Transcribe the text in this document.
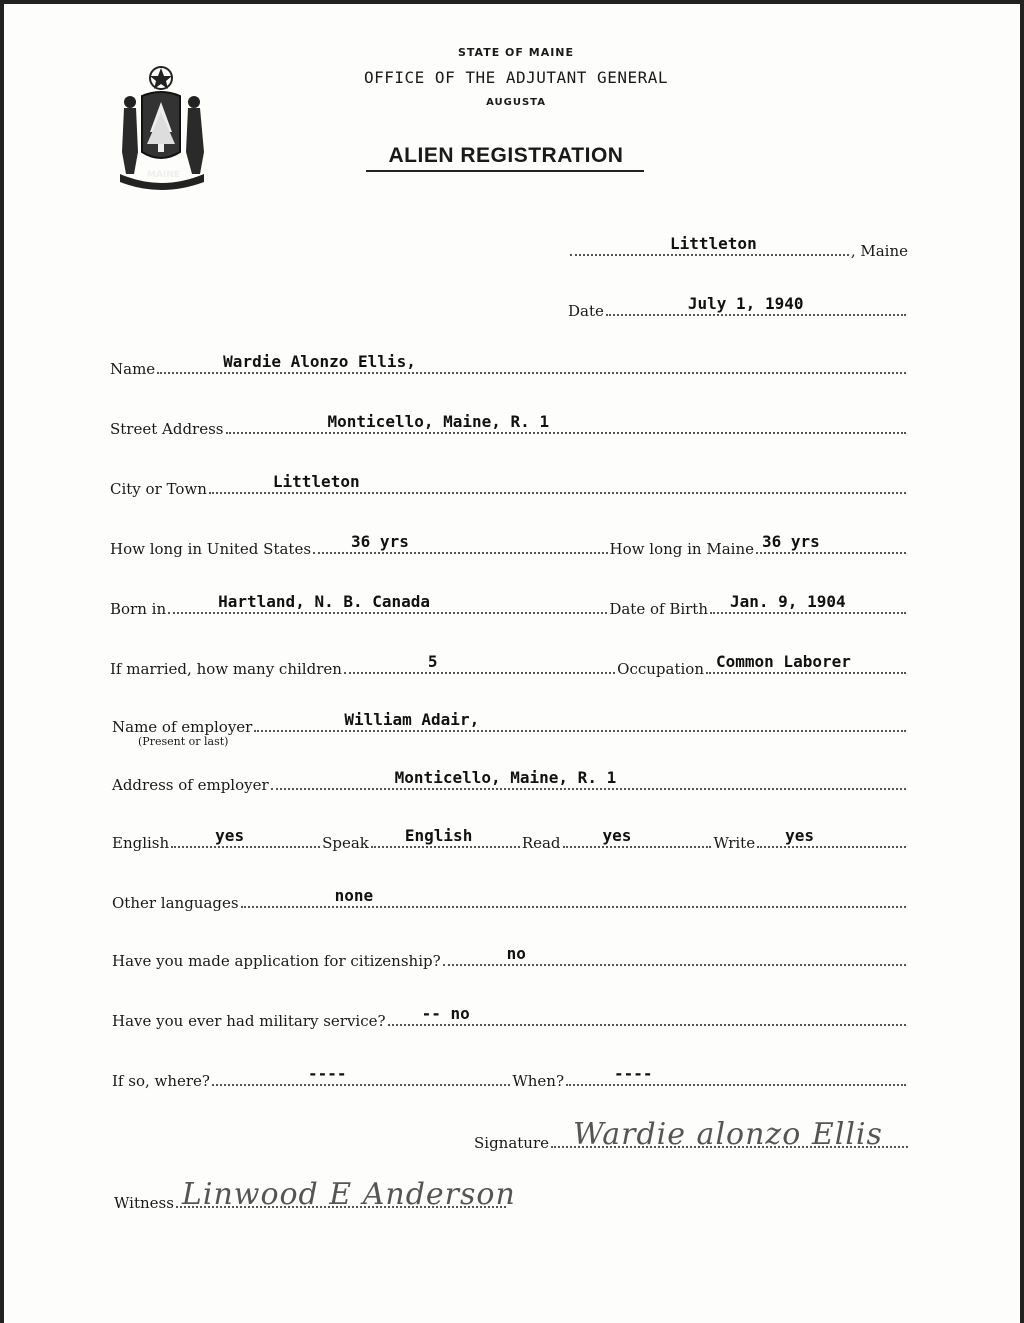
MAINE
STATE OF MAINE
OFFICE OF THE ADJUTANT GENERAL
AUGUSTA
ALIEN REGISTRATION
Littleton	, Maine
Date	July 1, 1940
Name	Wardie Alonzo Ellis,
Street Address	Monticello, Maine, R. 1
City or Town	Littleton
How long in United States	36 yrs	How long in Maine 36 yrs
Born in	Hartland, N. B. Canada	Date of Birth Jan. 9, 1904
If married, how many children	5	Occupation Common Laborer
Name of employer	William Adair,
(Present or last)
Address of employer	Monticello, Maine, R. 1
English	yes	Speak English	Read	yes	Write yes
Other languages	none
Have you made application for citizenship?	no
Have you ever had military service? -- no
If so, where?	----	When?	----
Signature Wardie alonzo Ellis
Witness Linwood E Anderson
